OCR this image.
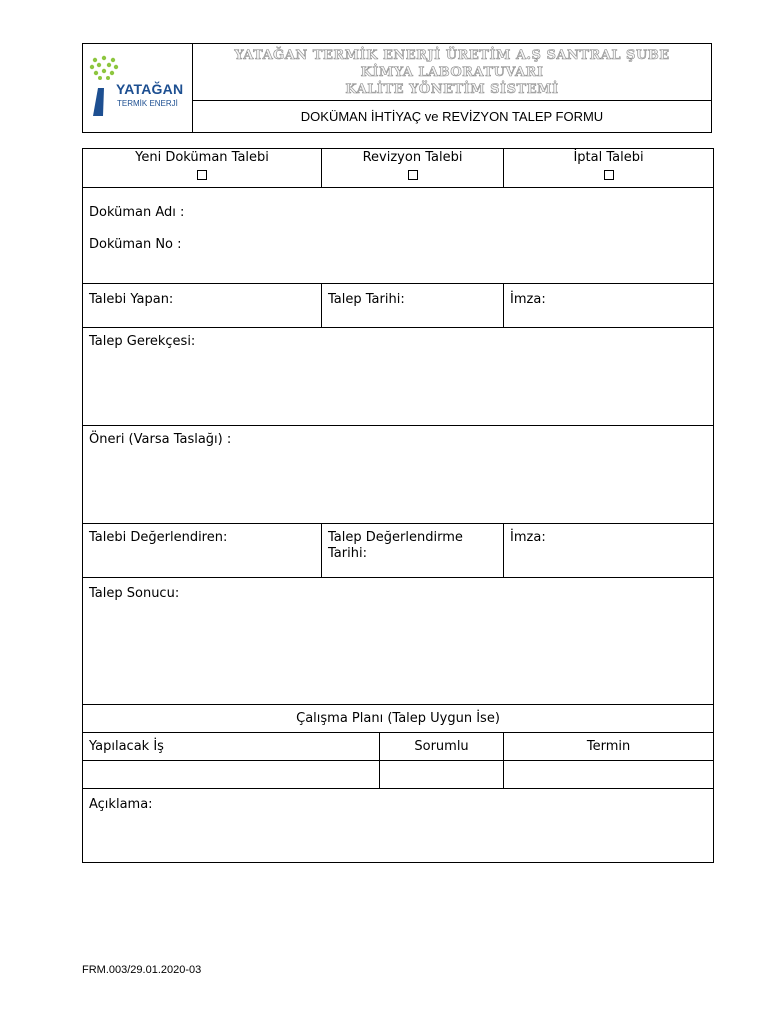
YATAĞAN
TERMİK ENERJİ
YATAĞAN TERMİK ENERJİ ÜRETİM A.Ş SANTRAL ŞUBE
KİMYA LABORATUVARI
KALİTE YÖNETİM SİSTEMİ
DOKÜMAN İHTİYAÇ ve REVİZYON TALEP FORMU
Yeni Doküman Talebi	Revizyon Talebi		İptal Talebi

Doküman Adı :
Doküman No :			

Talebi Yapan:	Talep Tarihi:		İmza:
Talep Gerekçesi:			
Öneri (Varsa Taslağı) :			
Talebi Değerlendiren:	Talep Değerlendirme Tarihi:		İmza:
Talep Sonucu:			
Çalışma Planı (Talep Uygun İse)			
Yapılacak İş		Sorumlu	Termin

Açıklama:			
FRM.003/29.01.2020-03
